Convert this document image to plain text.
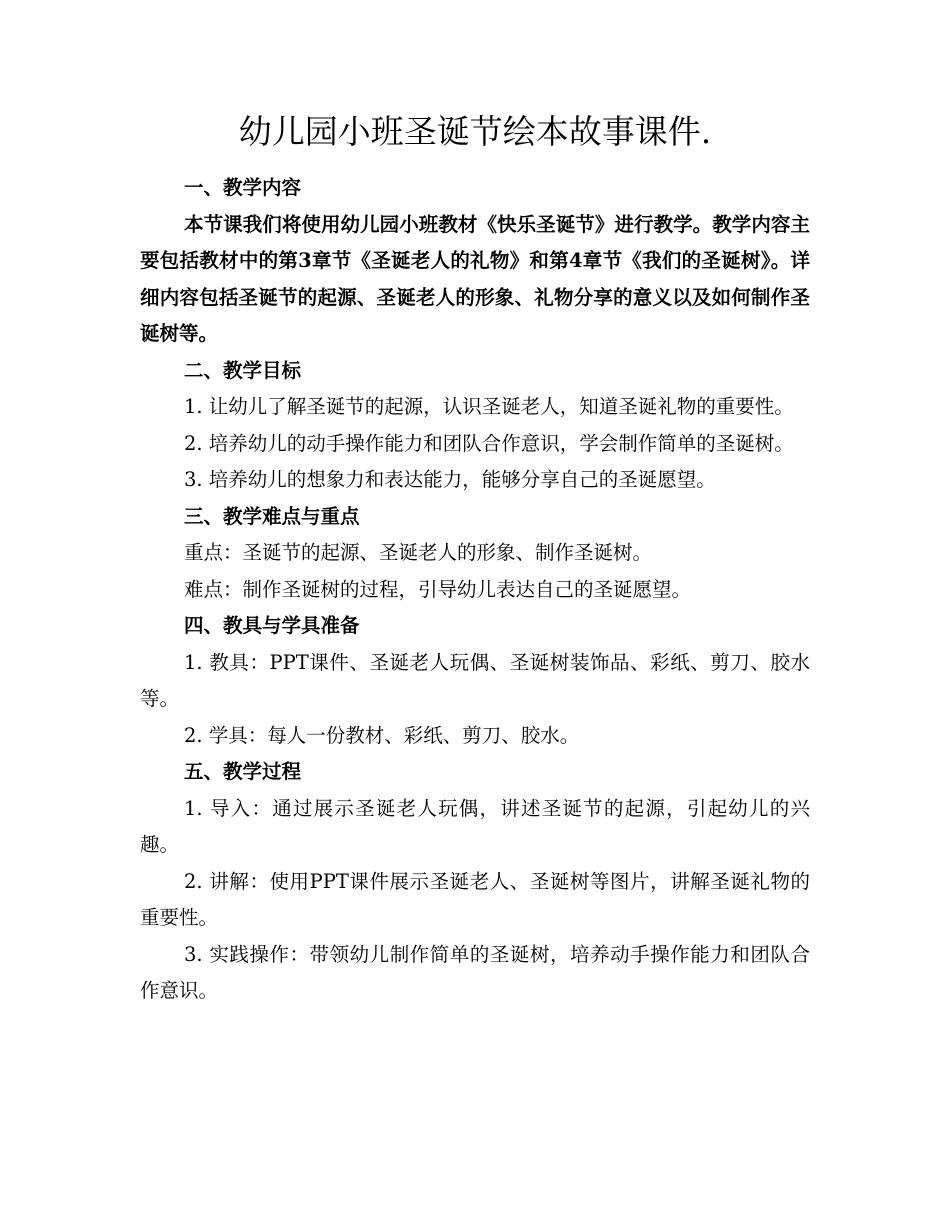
幼儿园小班圣诞节绘本故事课件.

一、教学内容

本节课我们将使用幼儿园小班教材《快乐圣诞节》进行教学。教学内容主要包括教材中的第3章节《圣诞老人的礼物》和第4章节《我们的圣诞树》。详细内容包括圣诞节的起源、圣诞老人的形象、礼物分享的意义以及如何制作圣诞树等。

二、教学目标

1. 让幼儿了解圣诞节的起源，认识圣诞老人，知道圣诞礼物的重要性。

2. 培养幼儿的动手操作能力和团队合作意识，学会制作简单的圣诞树。

3. 培养幼儿的想象力和表达能力，能够分享自己的圣诞愿望。

三、教学难点与重点

重点：圣诞节的起源、圣诞老人的形象、制作圣诞树。

难点：制作圣诞树的过程，引导幼儿表达自己的圣诞愿望。

四、教具与学具准备

1. 教具：PPT课件、圣诞老人玩偶、圣诞树装饰品、彩纸、剪刀、胶水等。

2. 学具：每人一份教材、彩纸、剪刀、胶水。

五、教学过程

1. 导入：通过展示圣诞老人玩偶，讲述圣诞节的起源，引起幼儿的兴趣。

2. 讲解：使用PPT课件展示圣诞老人、圣诞树等图片，讲解圣诞礼物的重要性。

3. 实践操作：带领幼儿制作简单的圣诞树，培养动手操作能力和团队合作意识。
